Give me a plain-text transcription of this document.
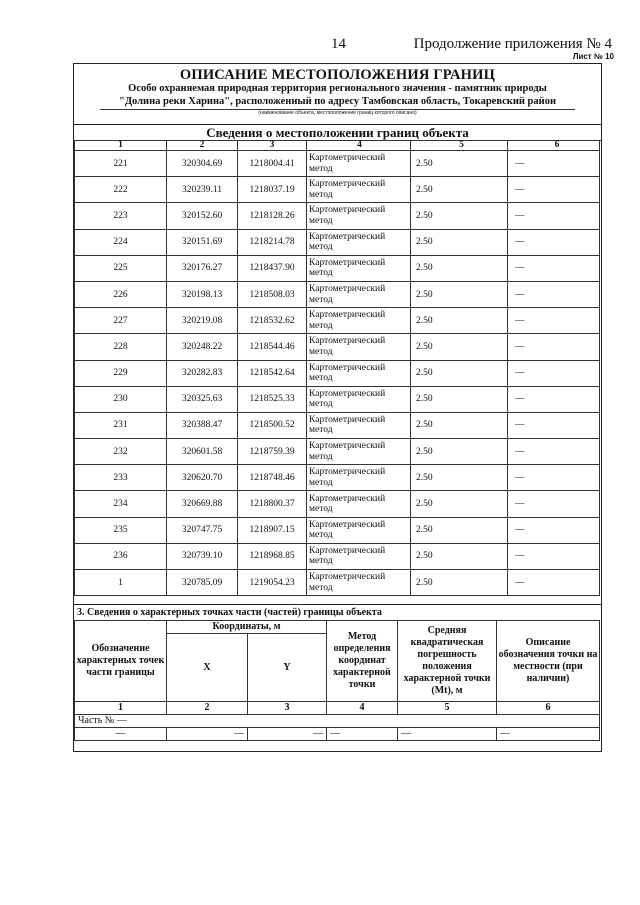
14	Продолжение приложения № 4
Лист № 10
ОПИСАНИЕ МЕСТОПОЛОЖЕНИЯ ГРАНИЦ
Особо охраняемая природная территория регионального значения - памятник природы
"Долина реки Харина", расположенный по адресу Тамбовская область, Токаревский район
(наименование объекта, местоположение границ которого описано)
Сведения о местоположении границ объекта
1	2	3	4	5	6
221	320304.69	1218004.41	Картометрический метод	2.50	—
222	320239.11	1218037.19	Картометрический метод	2.50	—
223	320152.60	1218128.26	Картометрический метод	2.50	—
224	320151.69	1218214.78	Картометрический метод	2.50	—
225	320176.27	1218437.90	Картометрический метод	2.50	—
226	320198.13	1218508.03	Картометрический метод	2.50	—
227	320219.08	1218532.62	Картометрический метод	2.50	—
228	320248.22	1218544.46	Картометрический метод	2.50	—
229	320282.83	1218542.64	Картометрический метод	2.50	—
230	320325.63	1218525.33	Картометрический метод	2.50	—
231	320388.47	1218500.52	Картометрический метод	2.50	—
232	320601.58	1218759.39	Картометрический метод	2.50	—
233	320620.70	1218748.46	Картометрический метод	2.50	—
234	320669.88	1218800.37	Картометрический метод	2.50	—
235	320747.75	1218907.15	Картометрический метод	2.50	—
236	320739.10	1218968.85	Картометрический метод	2.50	—
1	320785.09	1219054.23	Картометрический метод	2.50	—
3. Сведения о характерных точках части (частей) границы объекта
Обозначение характерных точек части границы	Координаты, м		Метод определения координат характерной точки	Средняя квадратическая погрешность положения характерной точки (Mt), м	Описание обозначения точки на местности (при наличии)
	X	Y			
1	2	3	4	5	6
Часть № —					
—	—	—	—	—	—
